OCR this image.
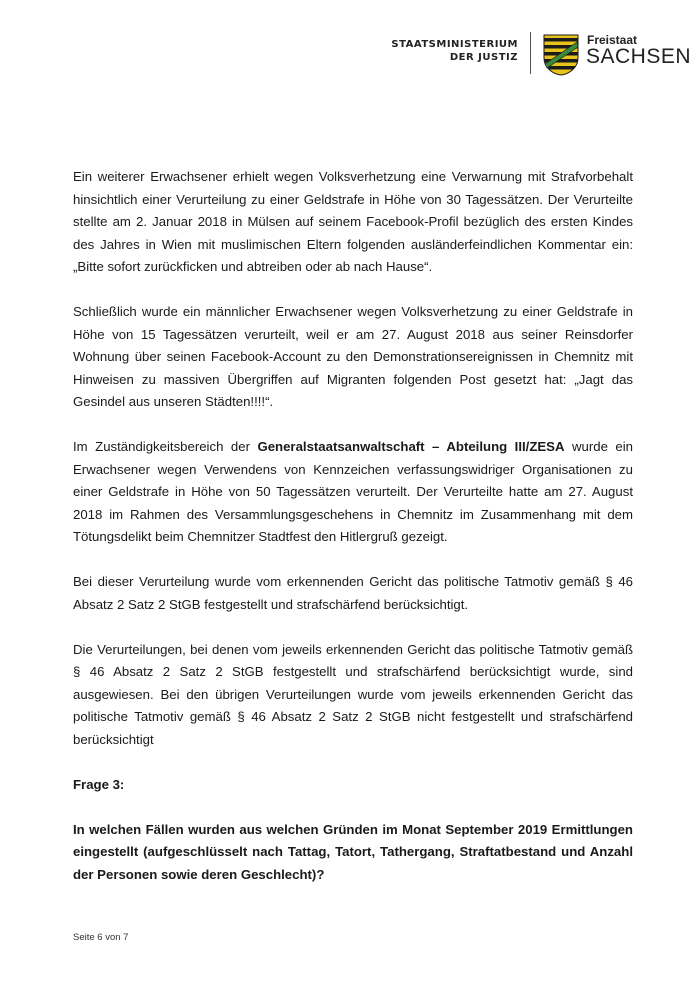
STAATSMINISTERIUM
DER JUSTIZ
Freistaat
SACHSEN

Ein weiterer Erwachsener erhielt wegen Volksverhetzung eine Verwarnung mit Strafvorbehalt hinsichtlich einer Verurteilung zu einer Geldstrafe in Höhe von 30 Tagessätzen. Der Verurteilte stellte am 2. Januar 2018 in Mülsen auf seinem Facebook-Profil bezüglich des ersten Kindes des Jahres in Wien mit muslimischen Eltern folgenden ausländerfeindlichen Kommentar ein: „Bitte sofort zurückficken und abtreiben oder ab nach Hause“.

Schließlich wurde ein männlicher Erwachsener wegen Volksverhetzung zu einer Geldstrafe in Höhe von 15 Tagessätzen verurteilt, weil er am 27. August 2018 aus seiner Reinsdorfer Wohnung über seinen Facebook-Account zu den Demonstrationsereignissen in Chemnitz mit Hinweisen zu massiven Übergriffen auf Migranten folgenden Post gesetzt hat: „Jagt das Gesindel aus unseren Städten!!!!“.

Im Zuständigkeitsbereich der Generalstaatsanwaltschaft – Abteilung III/ZESA wurde ein Erwachsener wegen Verwendens von Kennzeichen verfassungswidriger Organisationen zu einer Geldstrafe in Höhe von 50 Tagessätzen verurteilt. Der Verurteilte hatte am 27. August 2018 im Rahmen des Versammlungsgeschehens in Chemnitz im Zusammenhang mit dem Tötungsdelikt beim Chemnitzer Stadtfest den Hitlergruß gezeigt.

Bei dieser Verurteilung wurde vom erkennenden Gericht das politische Tatmotiv gemäß § 46 Absatz 2 Satz 2 StGB festgestellt und strafschärfend berücksichtigt.

Die Verurteilungen, bei denen vom jeweils erkennenden Gericht das politische Tatmotiv gemäß § 46 Absatz 2 Satz 2 StGB festgestellt und strafschärfend berücksichtigt wurde, sind ausgewiesen. Bei den übrigen Verurteilungen wurde vom jeweils erkennenden Gericht das politische Tatmotiv gemäß § 46 Absatz 2 Satz 2 StGB nicht festgestellt und strafschärfend berücksichtigt

Frage 3:

In welchen Fällen wurden aus welchen Gründen im Monat September 2019 Ermittlungen eingestellt (aufgeschlüsselt nach Tattag, Tatort, Tathergang, Straftatbestand und Anzahl der Personen sowie deren Geschlecht)?

Seite 6 von 7
